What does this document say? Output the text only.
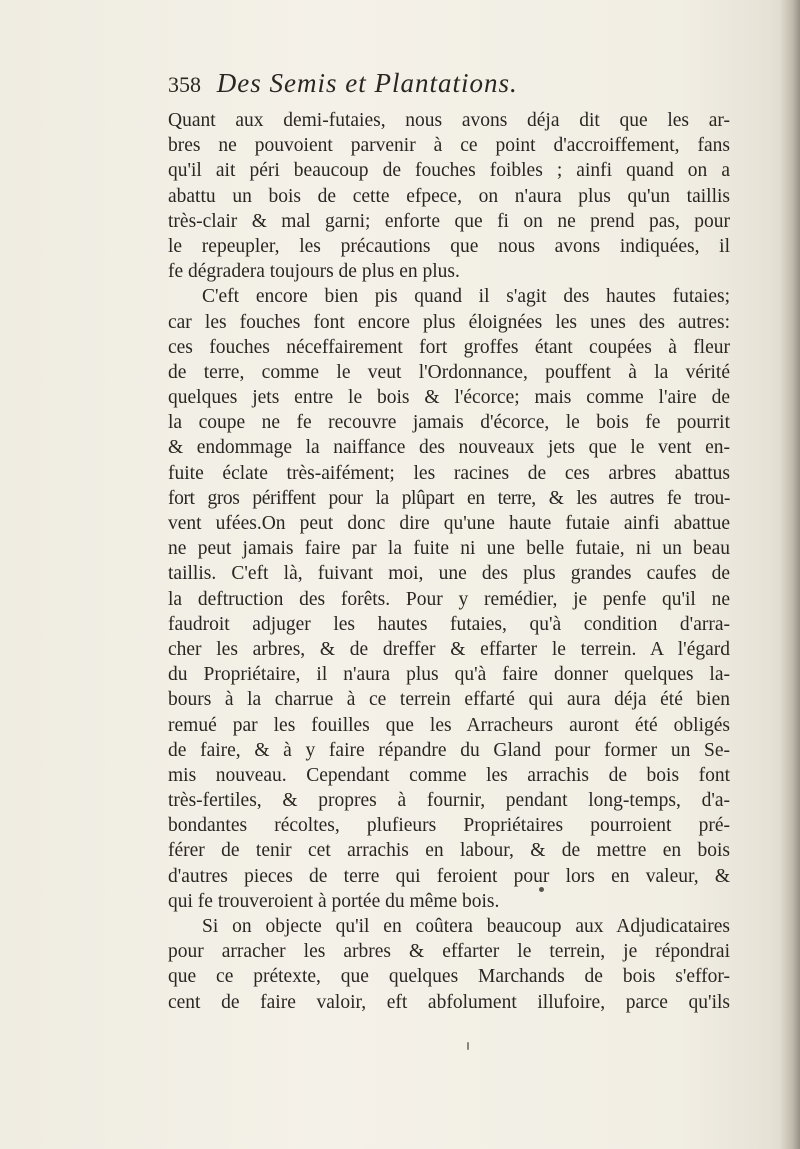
358 Des Semis et Plantations.
Quant aux demi-futaies, nous avons déja dit que les ar-
bres ne pouvoient parvenir à ce point d'accroiffement, fans
qu'il ait péri beaucoup de fouches foibles ; ainfi quand on a
abattu un bois de cette efpece, on n'aura plus qu'un taillis
très-clair & mal garni; enforte que fi on ne prend pas, pour
le repeupler, les précautions que nous avons indiquées, il
fe dégradera toujours de plus en plus.
C'eft encore bien pis quand il s'agit des hautes futaies;
car les fouches font encore plus éloignées les unes des autres:
ces fouches néceffairement fort groffes étant coupées à fleur
de terre, comme le veut l'Ordonnance, pouffent à la vérité
quelques jets entre le bois & l'écorce; mais comme l'aire de
la coupe ne fe recouvre jamais d'écorce, le bois fe pourrit
& endommage la naiffance des nouveaux jets que le vent en-
fuite éclate très-aifément; les racines de ces arbres abattus
fort gros périffent pour la plûpart en terre, & les autres fe trou-
vent ufées.On peut donc dire qu'une haute futaie ainfi abattue
ne peut jamais faire par la fuite ni une belle futaie, ni un beau
taillis. C'eft là, fuivant moi, une des plus grandes caufes de
la deftruction des forêts. Pour y remédier, je penfe qu'il ne
faudroit adjuger les hautes futaies, qu'à condition d'arra-
cher les arbres, & de dreffer & effarter le terrein. A l'égard
du Propriétaire, il n'aura plus qu'à faire donner quelques la-
bours à la charrue à ce terrein effarté qui aura déja été bien
remué par les fouilles que les Arracheurs auront été obligés
de faire, & à y faire répandre du Gland pour former un Se-
mis nouveau. Cependant comme les arrachis de bois font
très-fertiles, & propres à fournir, pendant long-temps, d'a-
bondantes récoltes, plufieurs Propriétaires pourroient pré-
férer de tenir cet arrachis en labour, & de mettre en bois
d'autres pieces de terre qui feroient pour lors en valeur, &
qui fe trouveroient à portée du même bois.
Si on objecte qu'il en coûtera beaucoup aux Adjudicataires
pour arracher les arbres & effarter le terrein, je répondrai
que ce prétexte, que quelques Marchands de bois s'effor-
cent de faire valoir, eft abfolument illufoire, parce qu'ils
